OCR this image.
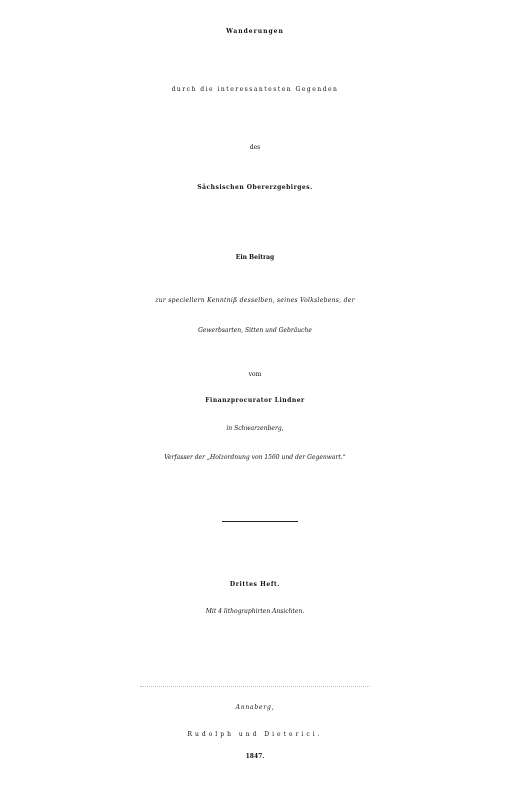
Wanderungen
durch die interessantesten Gegenden
des
Sächsischen Obererzgebirges.
Ein Beitrag
zur speciellern Kenntniß desselben, seines Volkslebens, der
Gewerbsarten, Sitten und Gebräuche
vom
Finanzprocurator Lindner
in Schwarzenberg,
Verfasser der „Holzordnung von 1560 und der Gegenwart.“
Drittes Heft.
Mit 4 lithographirten Ansichten.
Annaberg,
Rudolph und Dieterici.
1847.
